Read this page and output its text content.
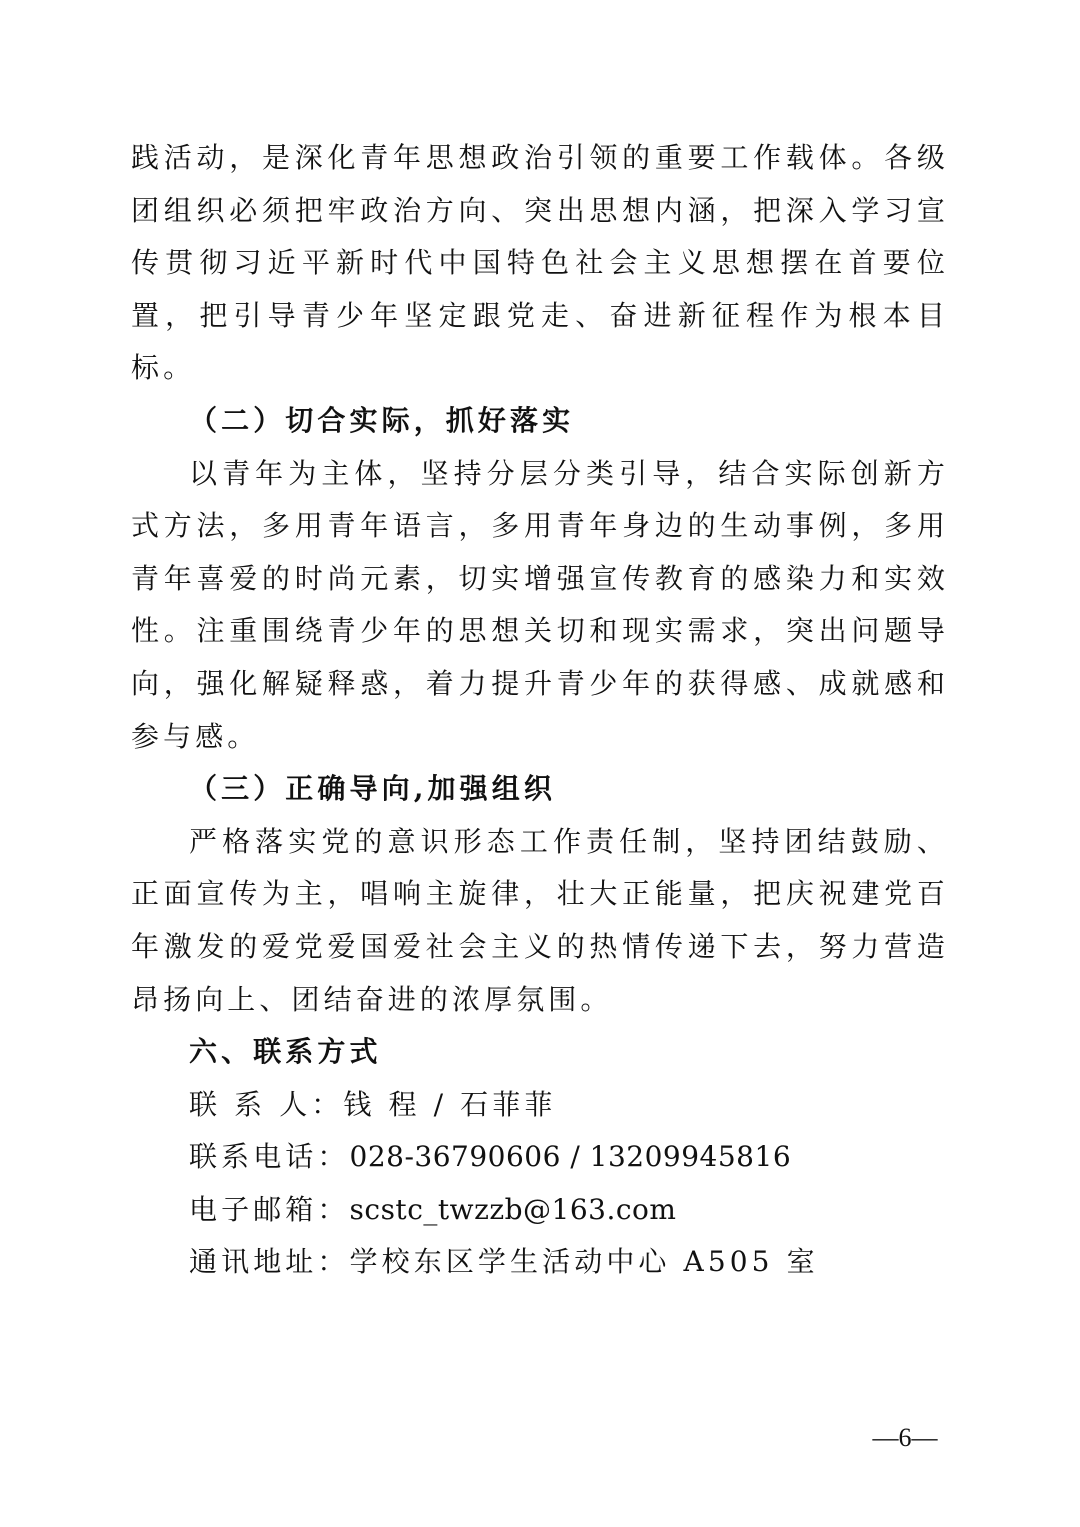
践活动，是深化青年思想政治引领的重要工作载体。各级团组织必须把牢政治方向、突出思想内涵，把深入学习宣传贯彻习近平新时代中国特色社会主义思想摆在首要位置，把引导青少年坚定跟党走、奋进新征程作为根本目标。

（二）切合实际，抓好落实

以青年为主体，坚持分层分类引导，结合实际创新方式方法，多用青年语言，多用青年身边的生动事例，多用青年喜爱的时尚元素，切实增强宣传教育的感染力和实效性。注重围绕青少年的思想关切和现实需求，突出问题导向，强化解疑释惑，着力提升青少年的获得感、成就感和参与感。

（三）正确导向,加强组织

严格落实党的意识形态工作责任制，坚持团结鼓励、正面宣传为主，唱响主旋律，壮大正能量，把庆祝建党百年激发的爱党爱国爱社会主义的热情传递下去，努力营造昂扬向上、团结奋进的浓厚氛围。

六、联系方式

联 系 人：钱 程 / 石菲菲

联系电话：028-36790606 / 13209945816

电子邮箱：scstc_twzzb@163.com

通讯地址：学校东区学生活动中心 A505 室

—6—
